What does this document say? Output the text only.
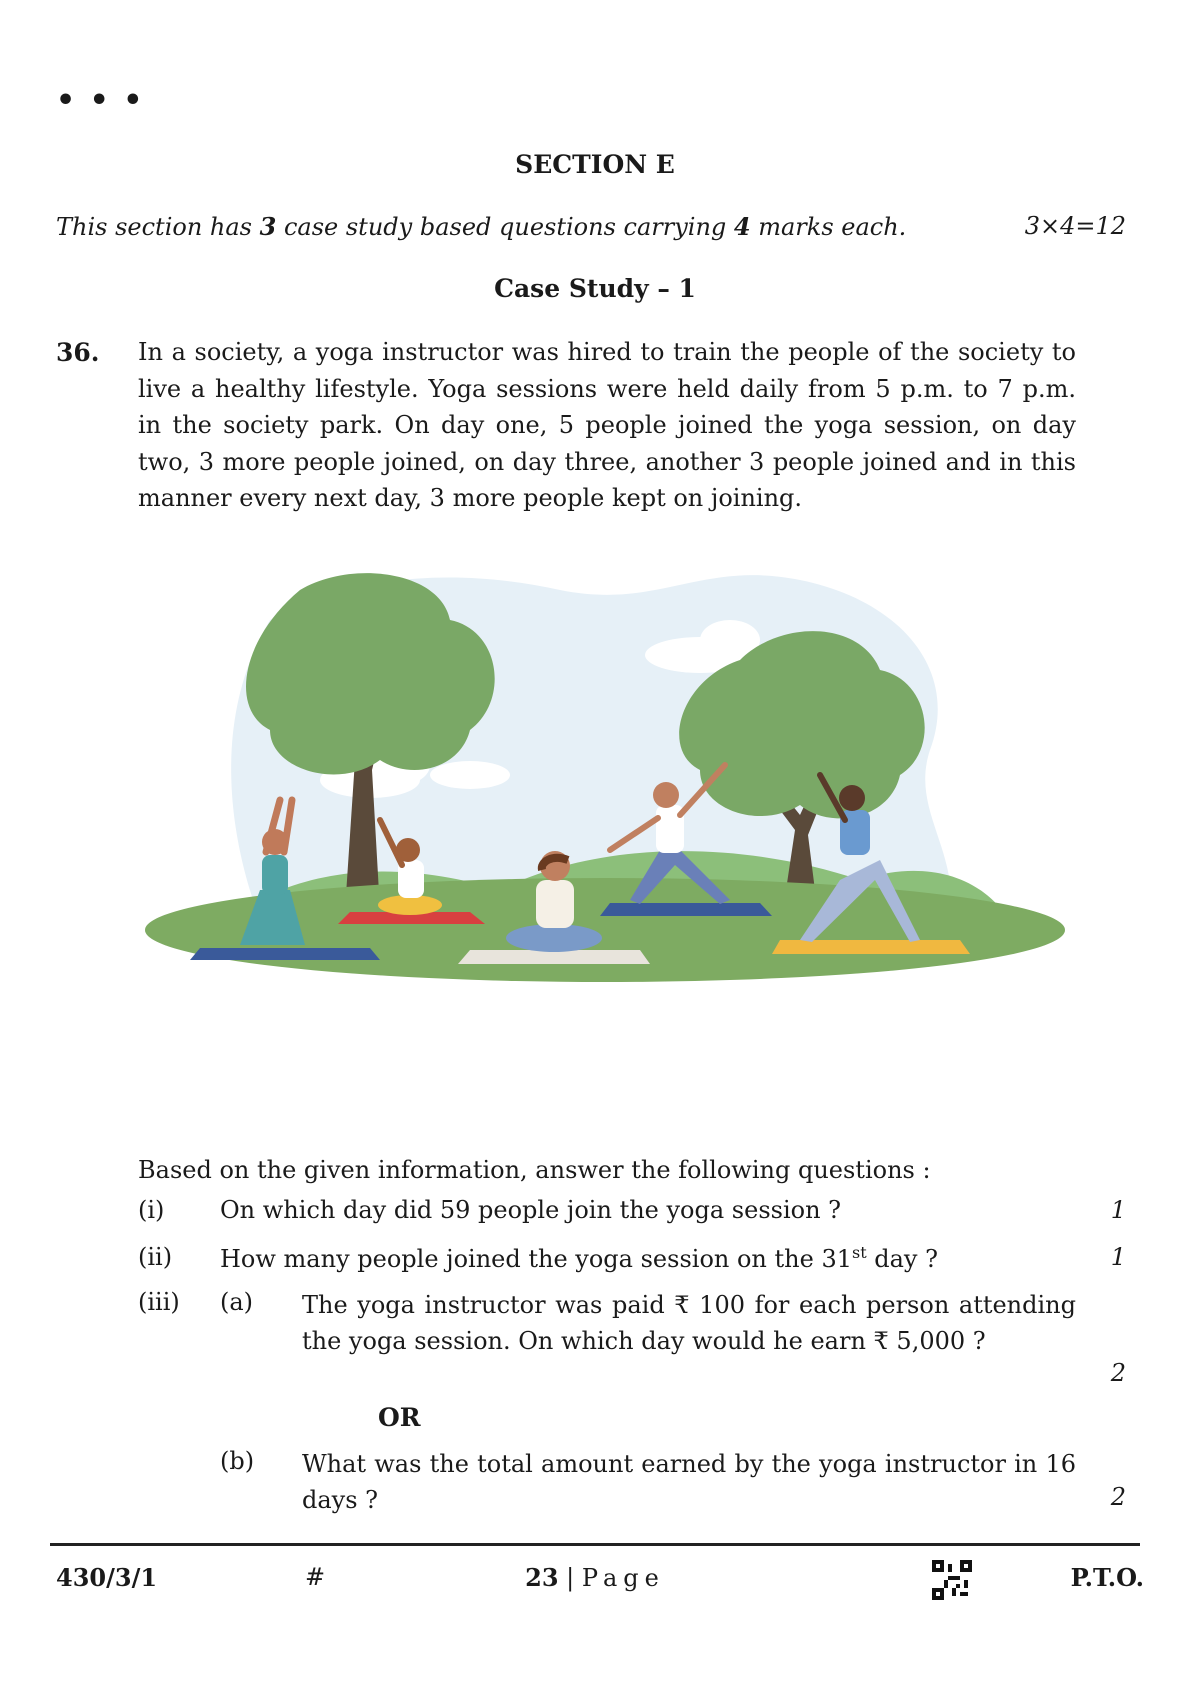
• • •
SECTION E
This section has 3 case study based questions carrying 4 marks each.	3×4=12
Case Study – 1
36. In a society, a yoga instructor was hired to train the people of the society to live a healthy lifestyle. Yoga sessions were held daily from 5 p.m. to 7 p.m. in the society park. On day one, 5 people joined the yoga session, on day two, 3 more people joined, on day three, another 3 people joined and in this manner every next day, 3 more people kept on joining.
Based on the given information, answer the following questions :
(i) On which day did 59 people join the yoga session ?	1
(ii) How many people joined the yoga session on the 31st day ?	1
(iii) (a) The yoga instructor was paid ₹ 100 for each person attending the yoga session. On which day would he earn ₹ 5,000 ?
2
OR
(b) What was the total amount earned by the yoga instructor in 16 days ?	2
430/3/1	#	23 | Page	P.T.O.
